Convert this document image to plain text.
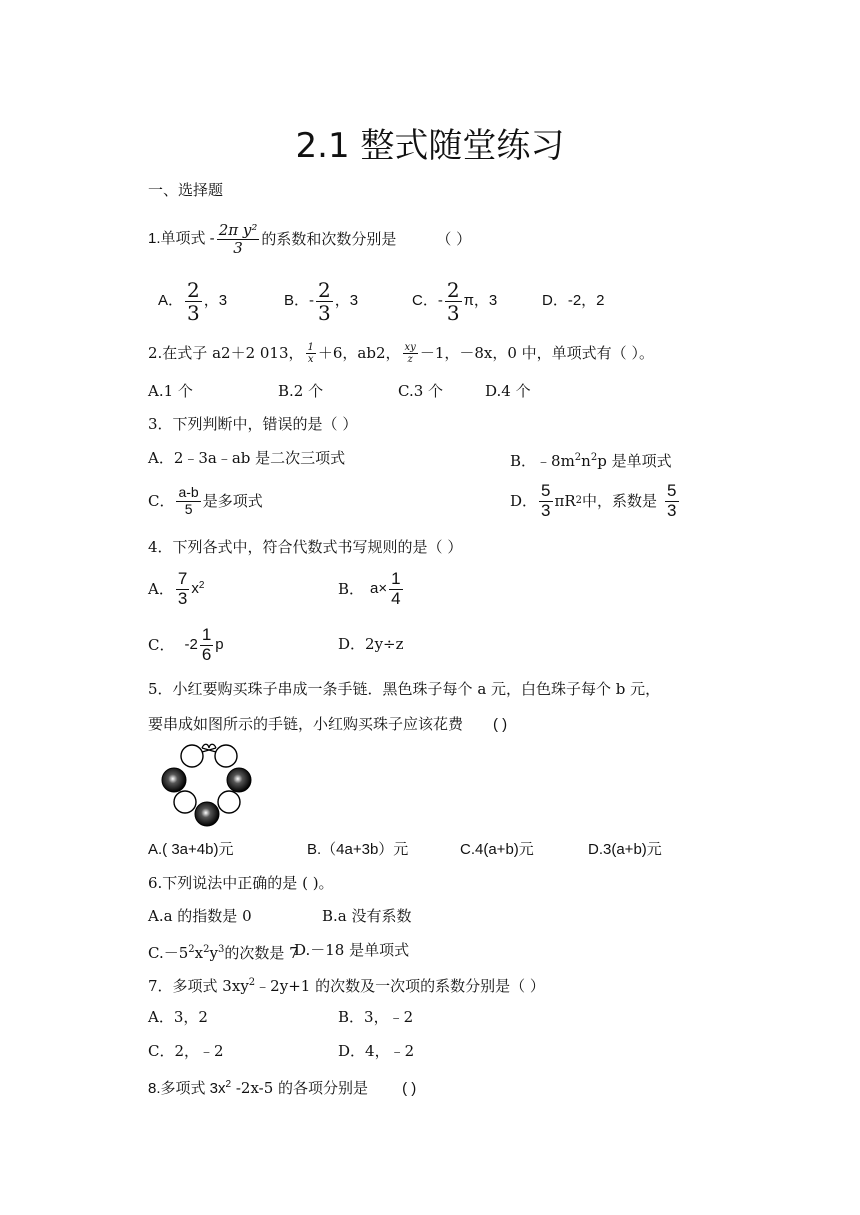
2.1 整式随堂练习
一、选择题
1.单项式 - $\frac{\text{2π y²}}{3}$ 的系数和次数分别是	（ ）
A． $\frac{2}{3}$ ，3	B．- $\frac{2}{3}$ ，3	C．- $\frac{2}{3}$ π，3	D．-2，2
2.在式子 a2＋2 013， $\frac{1}{x} +6$，ab2， $\frac{xy}{z} -1$，－8x，0 中，单项式有（ ）。
A.1 个	B.2 个	C.3 个	D.4 个
3．下列判断中，错误的是（ ）
A．2﹣3a﹣ab 是二次三项式	B．$﹣8m^2n^2p$ 是单项式
C． $\frac{a-b}{5}$ 是多项式	D． $\frac{5}{3}$ πR 2 中，系数是 $\frac{5}{3}$
4．下列各式中，符合代数式书写规则的是（ ）
A． $\frac{7}{3} x^2$	B． $a\times \frac{1}{4}$
C． $-2 \frac{1}{6}$ p	D．2y÷z
5．小红要购买珠子串成一条手链．黑色珠子每个 a 元，白色珠子每个 b 元，
要串成如图所示的手链，小红购买珠子应该花费 ( )
A.( 3a+4b)元	B.（4a+3b）元	C.4(a+b)元	D.3(a+b)元
6.下列说法中正确的是 ( )。
A.a 的指数是 0	B.a 没有系数
$C.-5^2x^2y^3$的次数是 7
D.－18 是单项式
7．多项式 $3xy^2﹣2y+1$ 的次数及一次项的系数分别是（ ）
A．3，2	B．3，﹣2
C．2，﹣2	D．4，﹣2
8.多项式 $3x^2$ -2x-5 的各项分别是 ( )
